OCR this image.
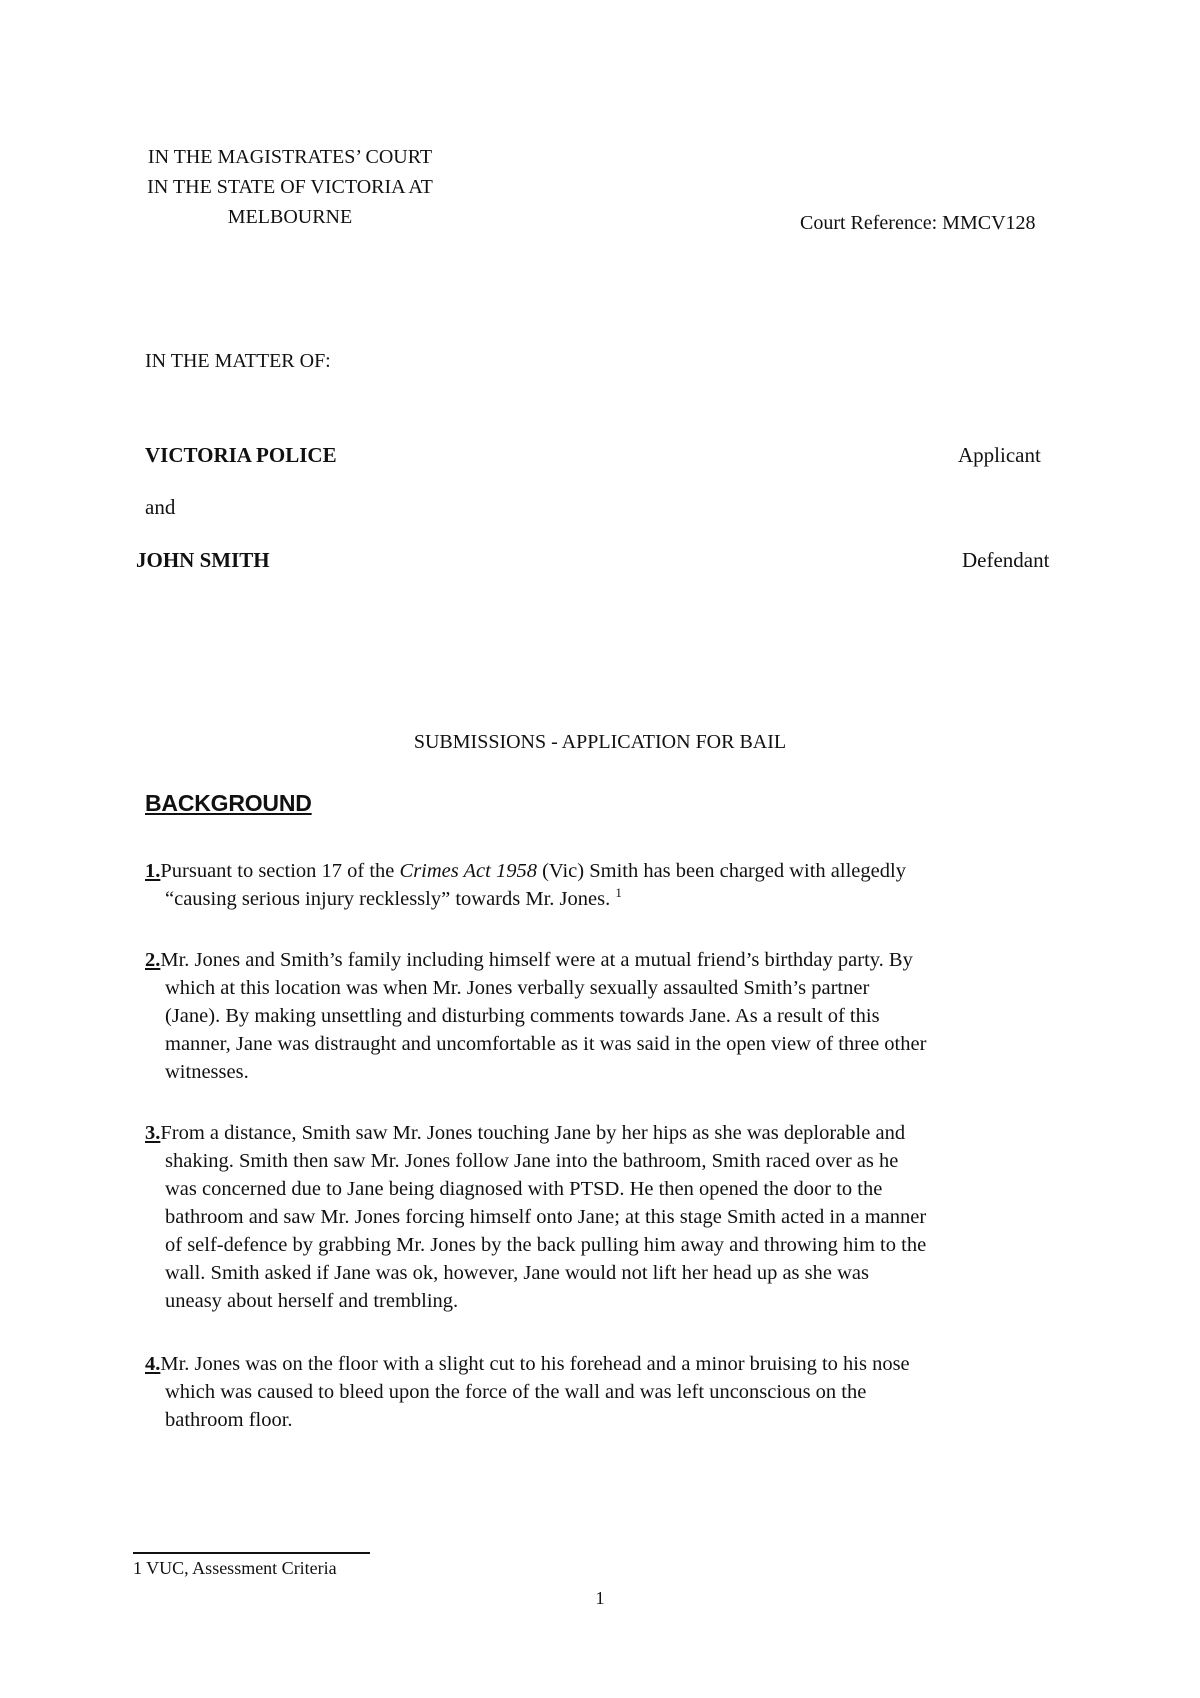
IN THE MAGISTRATES’ COURT
IN THE STATE OF VICTORIA AT
MELBOURNE	Court Reference: MMCV128
IN THE MATTER OF:
VICTORIA POLICE	Applicant
and
JOHN SMITH	Defendant
SUBMISSIONS - APPLICATION FOR BAIL
BACKGROUND
1.Pursuant to section 17 of the Crimes Act 1958 (Vic) Smith has been charged with allegedly
“causing serious injury recklessly” towards Mr. Jones. $^1$
2.Mr. Jones and Smith’s family including himself were at a mutual friend’s birthday party. By
which at this location was when Mr. Jones verbally sexually assaulted Smith’s partner
(Jane). By making unsettling and disturbing comments towards Jane. As a result of this
manner, Jane was distraught and uncomfortable as it was said in the open view of three other
witnesses.
3.From a distance, Smith saw Mr. Jones touching Jane by her hips as she was deplorable and
shaking. Smith then saw Mr. Jones follow Jane into the bathroom, Smith raced over as he
was concerned due to Jane being diagnosed with PTSD. He then opened the door to the
bathroom and saw Mr. Jones forcing himself onto Jane; at this stage Smith acted in a manner
of self-defence by grabbing Mr. Jones by the back pulling him away and throwing him to the
wall. Smith asked if Jane was ok, however, Jane would not lift her head up as she was
uneasy about herself and trembling.
4.Mr. Jones was on the floor with a slight cut to his forehead and a minor bruising to his nose
which was caused to bleed upon the force of the wall and was left unconscious on the
bathroom floor.
1 VUC, Assessment Criteria
1
